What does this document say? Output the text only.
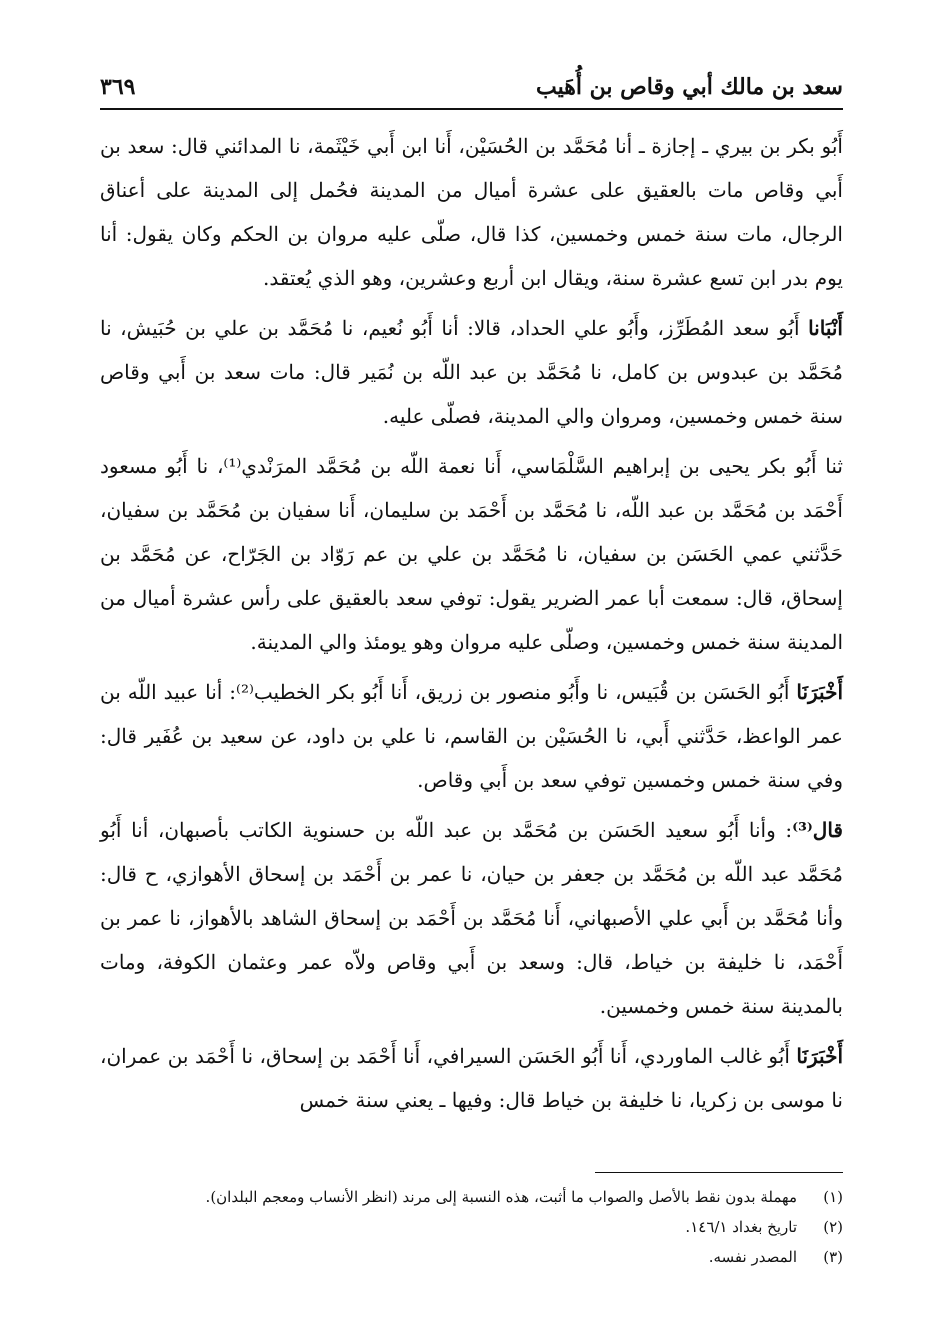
سعد بن مالك أبي وقاص بن أُهَيب
٣٦٩

أَبُو بكر بن بيري ـ إجازة ـ أنا مُحَمَّد بن الحُسَيْن، أَنا ابن أَبي خَيْثَمة، نا المدائني قال: سعد بن أَبي وقاص مات بالعقيق على عشرة أميال من المدينة فحُمل إلى المدينة على أعناق الرجال، مات سنة خمس وخمسين، كذا قال، صلّى عليه مروان بن الحكم وكان يقول: أنا يوم بدر ابن تسع عشرة سنة، ويقال ابن أربع وعشرين، وهو الذي يُعتقد.

أَنْبَانا أَبُو سعد المُطَرِّز، وأَبُو علي الحداد، قالا: أنا أَبُو نُعيم، نا مُحَمَّد بن علي بن حُبَيش، نا مُحَمَّد بن عبدوس بن كامل، نا مُحَمَّد بن عبد اللّه بن نُمَير قال: مات سعد بن أَبي وقاص سنة خمس وخمسين، ومروان والي المدينة، فصلّى عليه.

ثنا أَبُو بكر يحيى بن إبراهيم السَّلْمَاسي، أَنا نعمة اللّه بن مُحَمَّد المرَنْدي⁽¹⁾، نا أَبُو مسعود أَحْمَد بن مُحَمَّد بن عبد اللّه، نا مُحَمَّد بن أَحْمَد بن سليمان، أَنا سفيان بن مُحَمَّد بن سفيان، حَدَّثني عمي الحَسَن بن سفيان، نا مُحَمَّد بن علي بن عم رَوّاد بن الجَرّاح، عن مُحَمَّد بن إسحاق، قال: سمعت أبا عمر الضرير يقول: توفي سعد بالعقيق على رأس عشرة أميال من المدينة سنة خمس وخمسين، وصلّى عليه مروان وهو يومئذ والي المدينة.

أَخْبَرَنَا أَبُو الحَسَن بن قُبَيس، نا وأَبُو منصور بن زريق، أَنا أَبُو بكر الخطيب⁽²⁾: أنا عبيد اللّه بن عمر الواعظ، حَدَّثني أَبي، نا الحُسَيْن بن القاسم، نا علي بن داود، عن سعيد بن عُفَير قال: وفي سنة خمس وخمسين توفي سعد بن أَبي وقاص.

قال⁽³⁾: وأنا أَبُو سعيد الحَسَن بن مُحَمَّد بن عبد اللّه بن حسنوية الكاتب بأصبهان، أنا أَبُو مُحَمَّد عبد اللّه بن مُحَمَّد بن جعفر بن حيان، نا عمر بن أَحْمَد بن إسحاق الأهوازي، ح قال: وأنا مُحَمَّد بن أَبي علي الأصبهاني، أَنا مُحَمَّد بن أَحْمَد بن إسحاق الشاهد بالأهواز، نا عمر بن أَحْمَد، نا خليفة بن خياط، قال: وسعد بن أَبي وقاص ولاّه عمر وعثمان الكوفة، ومات بالمدينة سنة خمس وخمسين.

أَخْبَرَنَا أَبُو غالب الماوردي، أَنا أَبُو الحَسَن السيرافي، أَنا أَحْمَد بن إسحاق، نا أَحْمَد بن عمران، نا موسى بن زكريا، نا خليفة بن خياط قال: وفيها ـ يعني سنة خمس

(١)
مهملة بدون نقط بالأصل والصواب ما أثبت، هذه النسبة إلى مرند (انظر الأنساب ومعجم البلدان).
(٢)
تاريخ بغداد ١٤٦/١.
(٣)
المصدر نفسه.
